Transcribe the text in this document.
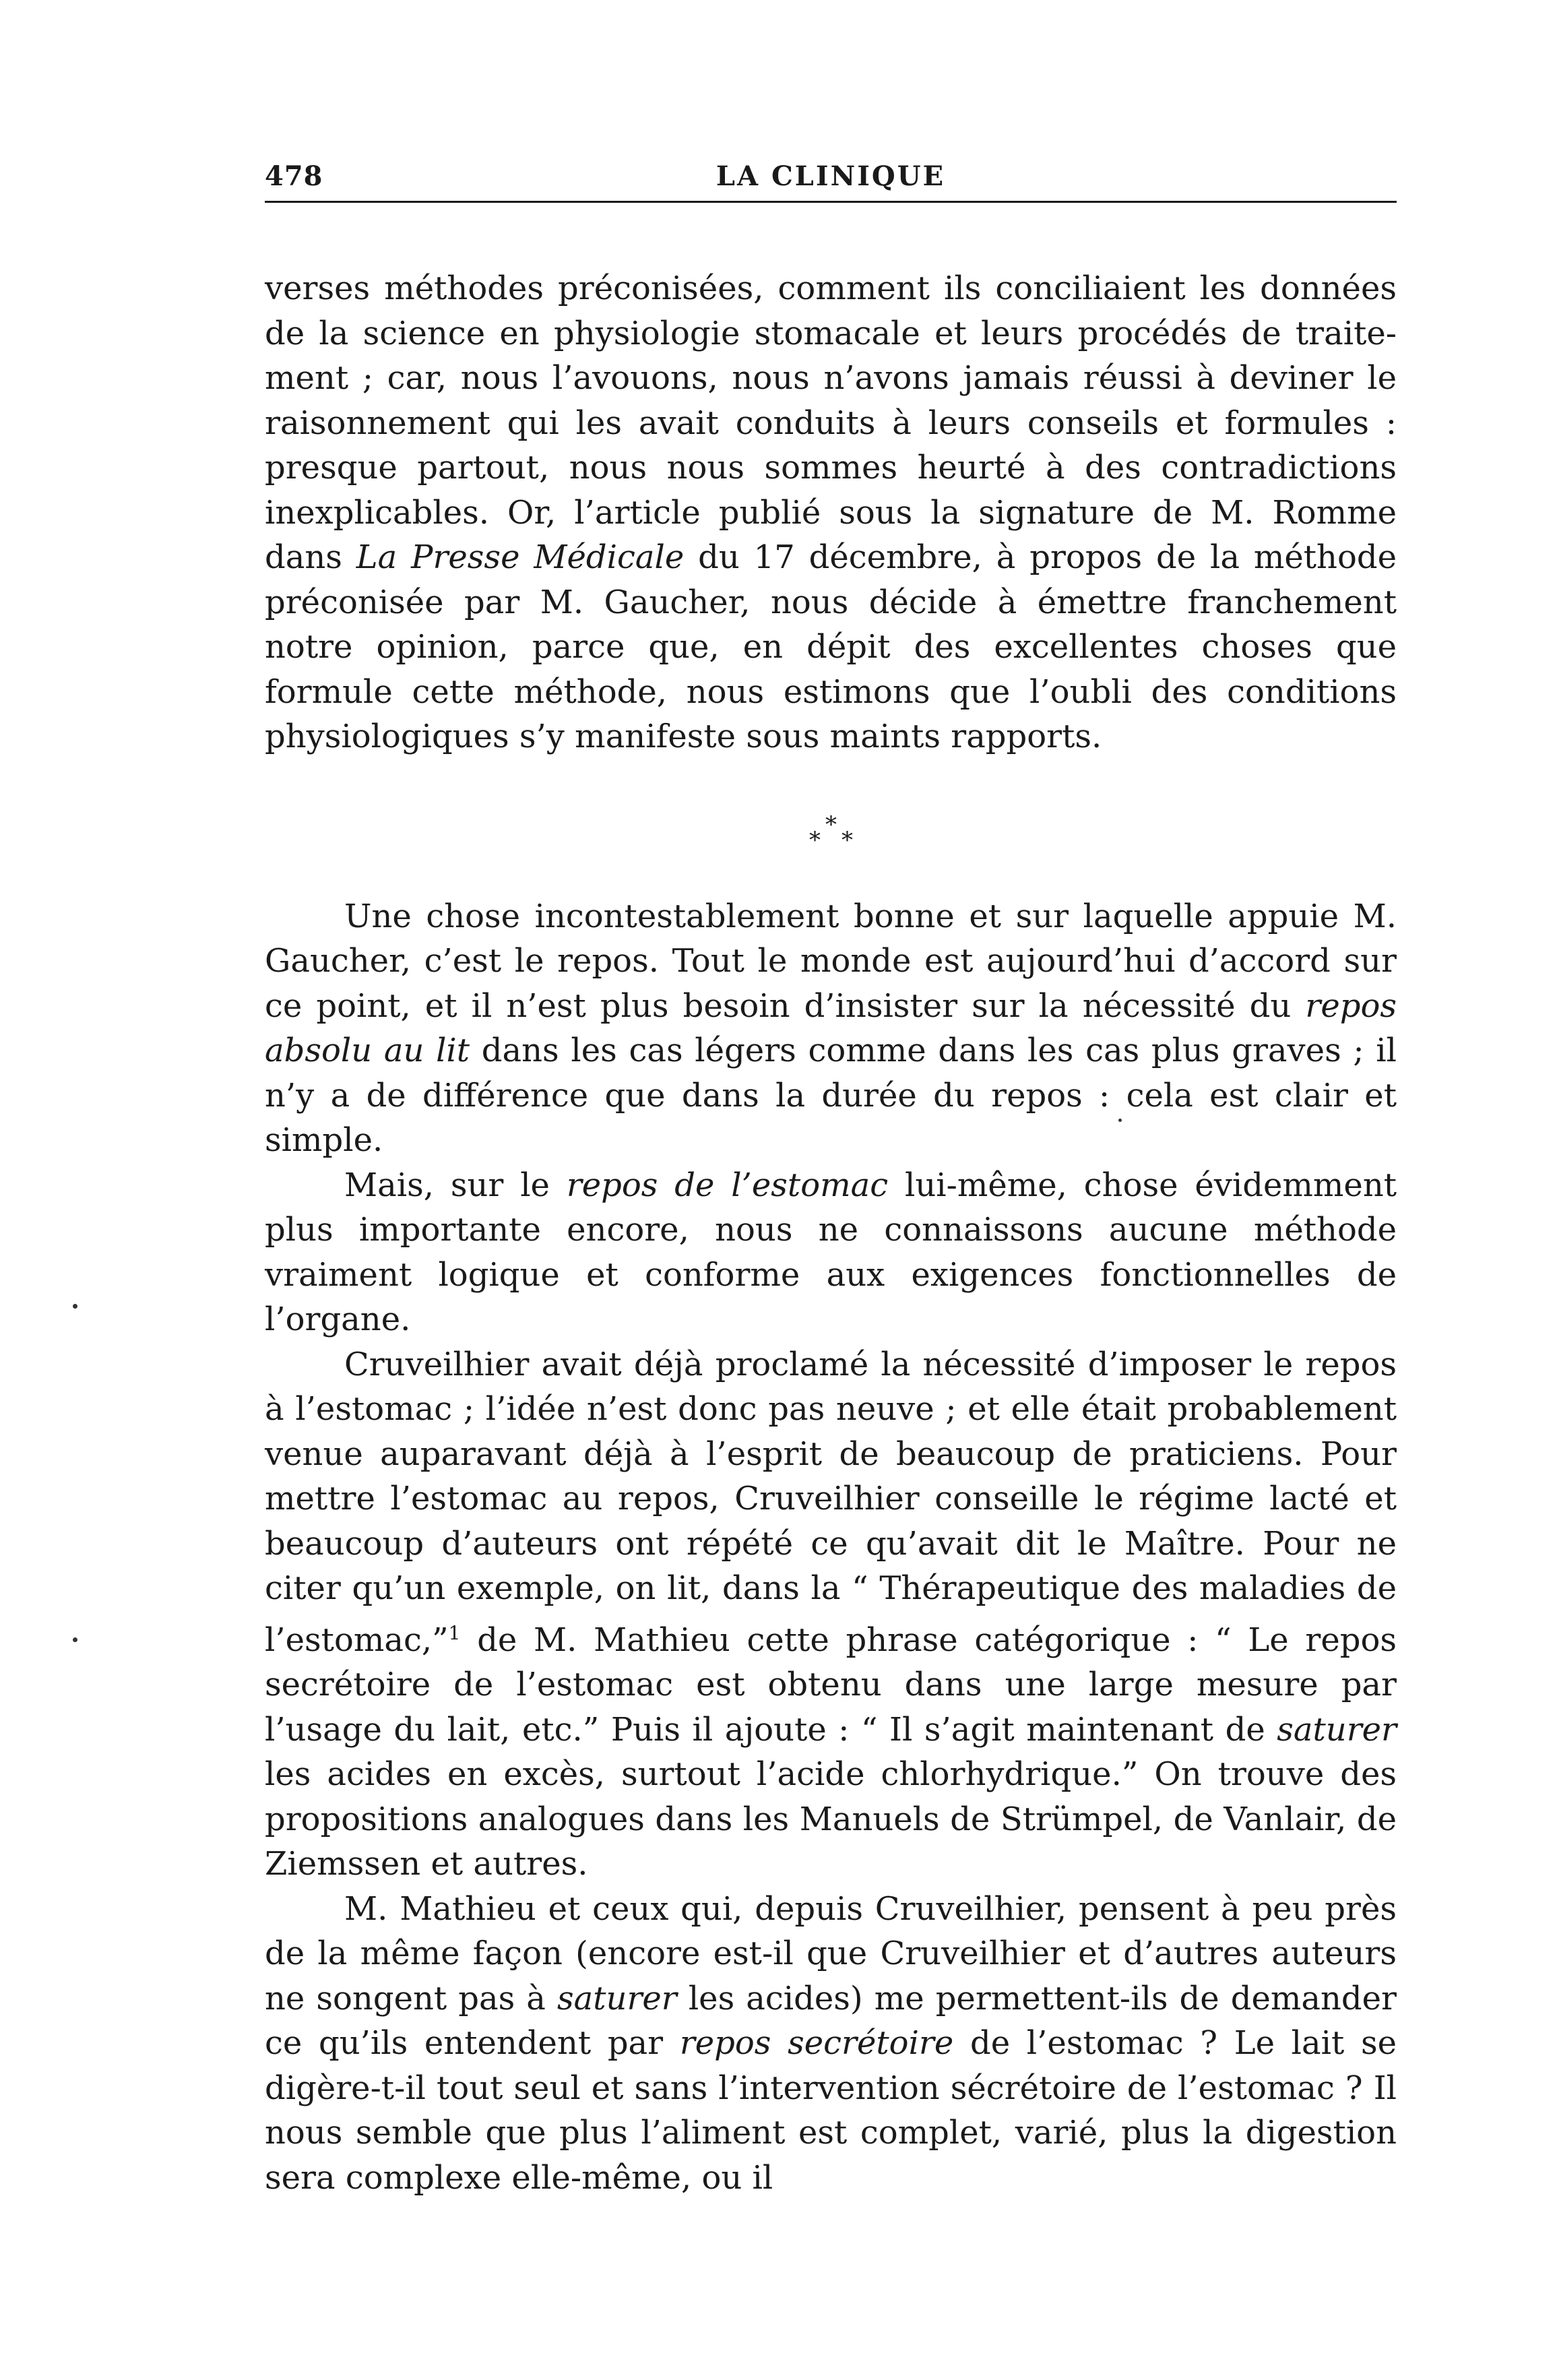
478	LA CLINIQUE

verses méthodes préconisées, comment ils conciliaient les données de la science en physiologie stomacale et leurs procédés de traitement ; car, nous l’avouons, nous n’avons jamais réussi à deviner le raisonnement qui les avait conduits à leurs conseils et formules : presque partout, nous nous sommes heurté à des contradictions inexplicables. Or, l’article publié sous la signature de M. Romme dans La Presse Médicale du 17 décembre, à propos de la méthode préconisée par M. Gaucher, nous décide à émettre franchement notre opinion, parce que, en dépit des excellentes choses que formule cette méthode, nous estimons que l’oubli des conditions physiologiques s’y manifeste sous maints rapports.

*
* *

Une chose incontestablement bonne et sur laquelle appuie M. Gaucher, c’est le repos. Tout le monde est aujourd’hui d’accord sur ce point, et il n’est plus besoin d’insister sur la nécessité du repos absolu au lit dans les cas légers comme dans les cas plus graves ; il n’y a de différence que dans la durée du repos : cela est clair et simple.

Mais, sur le repos de l’estomac lui-même, chose évidemment plus importante encore, nous ne connaissons aucune méthode vraiment logique et conforme aux exigences fonctionnelles de l’organe.

Cruveilhier avait déjà proclamé la nécessité d’imposer le repos à l’estomac ; l’idée n’est donc pas neuve ; et elle était probablement venue auparavant déjà à l’esprit de beaucoup de praticiens. Pour mettre l’estomac au repos, Cruveilhier conseille le régime lacté et beaucoup d’auteurs ont répété ce qu’avait dit le Maître. Pour ne citer qu’un exemple, on lit, dans la “ Thérapeutique des maladies de l’estomac,”$^1$ de M. Mathieu cette phrase catégorique : “ Le repos secrétoire de l’estomac est obtenu dans une large mesure par l’usage du lait, etc.” Puis il ajoute : “ Il s’agit maintenant de saturer les acides en excès, surtout l’acide chlorhydrique.” On trouve des propositions analogues dans les Manuels de Strümpel, de Vanlair, de Ziemssen et autres.

M. Mathieu et ceux qui, depuis Cruveilhier, pensent à peu près de la même façon (encore est-il que Cruveilhier et d’autres auteurs ne songent pas à saturer les acides) me permettent-ils de demander ce qu’ils entendent par repos secrétoire de l’estomac ? Le lait se digère-t-il tout seul et sans l’intervention sécrétoire de l’estomac ? Il nous semble que plus l’aliment est complet, varié, plus la digestion sera complexe elle-même, ou il
